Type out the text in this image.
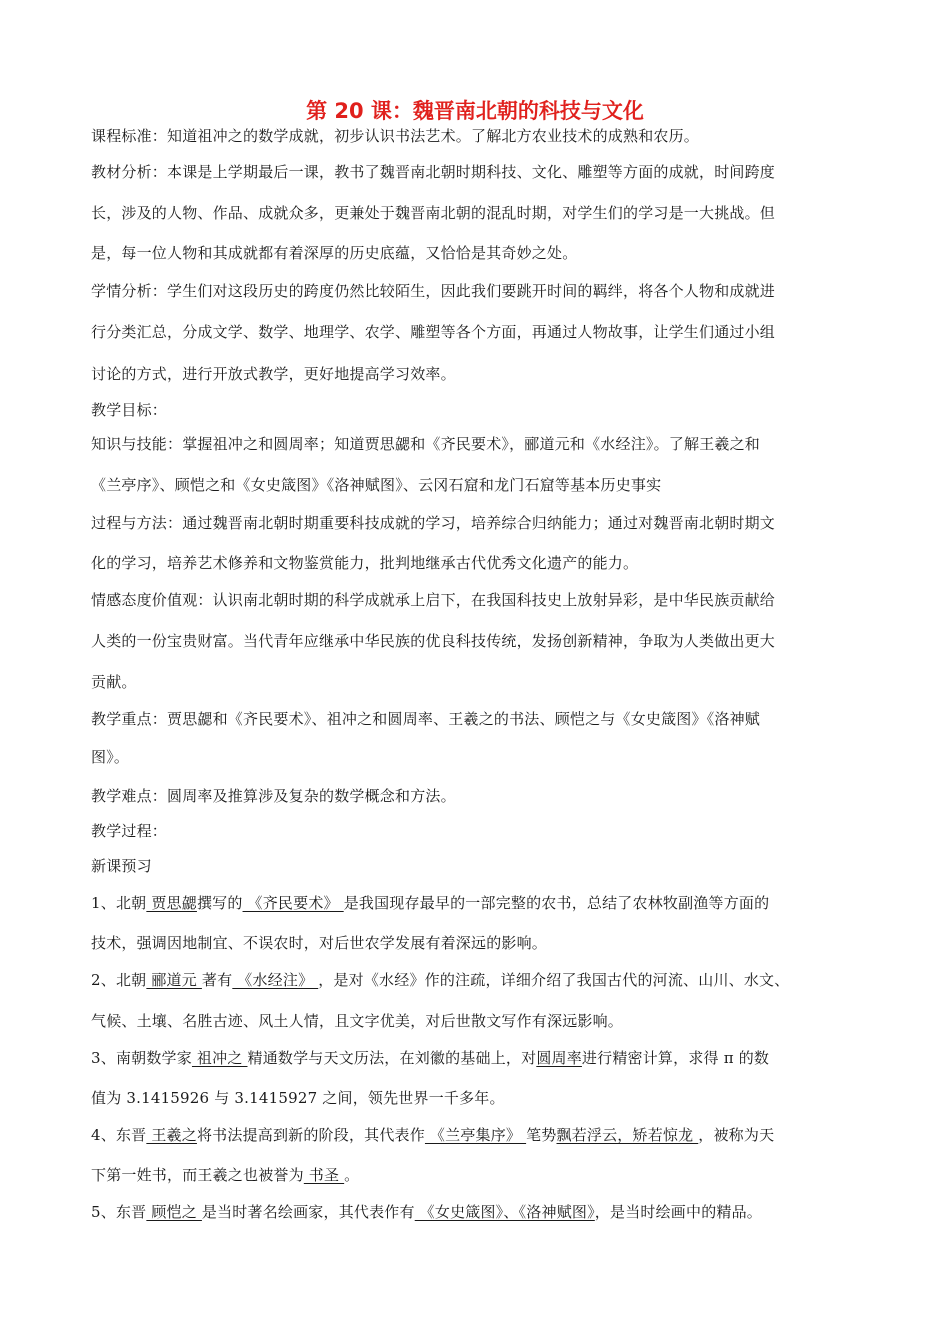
第 20 课：魏晋南北朝的科技与文化
课程标准：知道祖冲之的数学成就，初步认识书法艺术。了解北方农业技术的成熟和农历。
教材分析：本课是上学期最后一课，教书了魏晋南北朝时期科技、文化、雕塑等方面的成就，时间跨度
长，涉及的人物、作品、成就众多，更兼处于魏晋南北朝的混乱时期，对学生们的学习是一大挑战。但
是，每一位人物和其成就都有着深厚的历史底蕴，又恰恰是其奇妙之处。
学情分析：学生们对这段历史的跨度仍然比较陌生，因此我们要跳开时间的羁绊，将各个人物和成就进
行分类汇总，分成文学、数学、地理学、农学、雕塑等各个方面，再通过人物故事，让学生们通过小组
讨论的方式，进行开放式教学，更好地提高学习效率。
教学目标：
知识与技能：掌握祖冲之和圆周率；知道贾思勰和《齐民要术》，郦道元和《水经注》。了解王羲之和
《兰亭序》、顾恺之和《女史箴图》《洛神赋图》、云冈石窟和龙门石窟等基本历史事实
过程与方法：通过魏晋南北朝时期重要科技成就的学习，培养综合归纳能力；通过对魏晋南北朝时期文
化的学习，培养艺术修养和文物鉴赏能力，批判地继承古代优秀文化遗产的能力。
情感态度价值观：认识南北朝时期的科学成就承上启下，在我国科技史上放射异彩，是中华民族贡献给
人类的一份宝贵财富。当代青年应继承中华民族的优良科技传统，发扬创新精神，争取为人类做出更大
贡献。
教学重点：贾思勰和《齐民要术》、祖冲之和圆周率、王羲之的书法、顾恺之与《女史箴图》《洛神赋
图》。
教学难点：圆周率及推算涉及复杂的数学概念和方法。
教学过程：
新课预习
1、北朝 贾思勰撰写的 《齐民要术》 是我国现存最早的一部完整的农书，总结了农林牧副渔等方面的
技术，强调因地制宜、不误农时，对后世农学发展有着深远的影响。
2、北朝 郦道元 著有 《水经注》 ，是对《水经》作的注疏，详细介绍了我国古代的河流、山川、水文、
气候、土壤、名胜古迹、风土人情，且文字优美，对后世散文写作有深远影响。
3、南朝数学家 祖冲之 精通数学与天文历法，在刘徽的基础上，对圆周率进行精密计算，求得 π 的数
值为 3.1415926 与 3.1415927 之间，领先世界一千多年。
4、东晋 王羲之将书法提高到新的阶段，其代表作 《兰亭集序》 笔势飘若浮云，矫若惊龙 ，被称为天
下第一姓书，而王羲之也被誉为 书圣 。
5、东晋 顾恺之 是当时著名绘画家，其代表作有 《女史箴图》、《洛神赋图》，是当时绘画中的精品。
